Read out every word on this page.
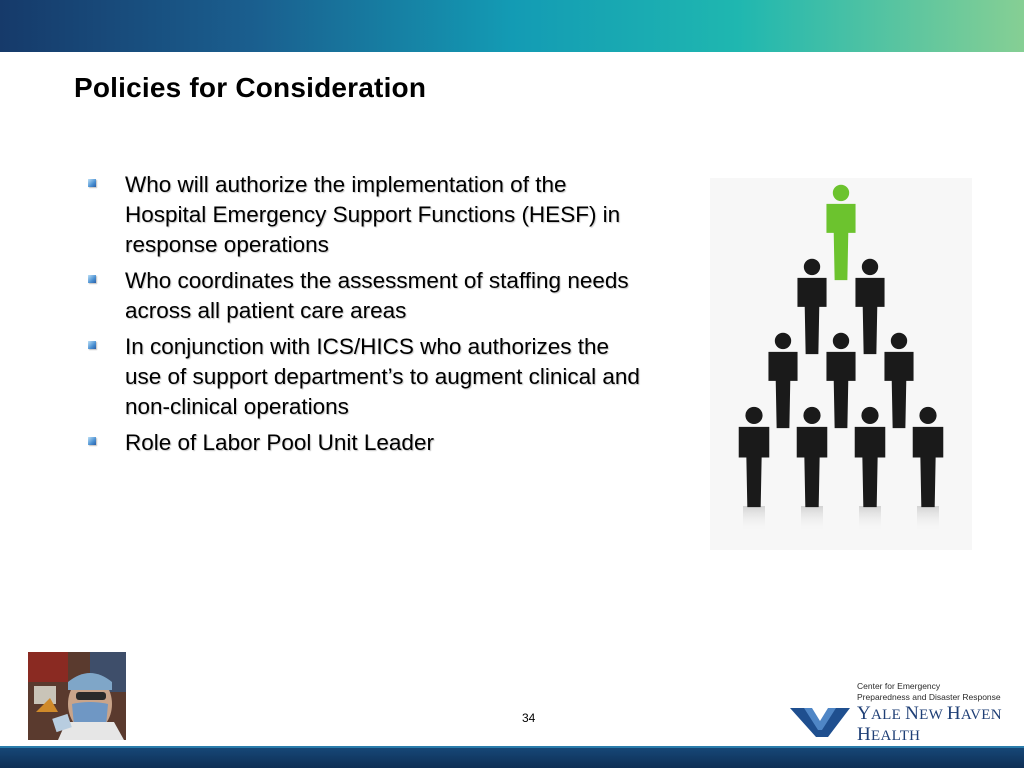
Policies for Consideration
Who will authorize the implementation of the Hospital Emergency Support Functions (HESF) in response operations
Who coordinates the assessment of staffing needs across all patient care areas
In conjunction with ICS/HICS who authorizes the use of support department’s to augment clinical and non-clinical operations
Role of Labor Pool Unit Leader
34
Center for Emergency
Preparedness and Disaster Response
YALE NEW HAVEN
HEALTH
